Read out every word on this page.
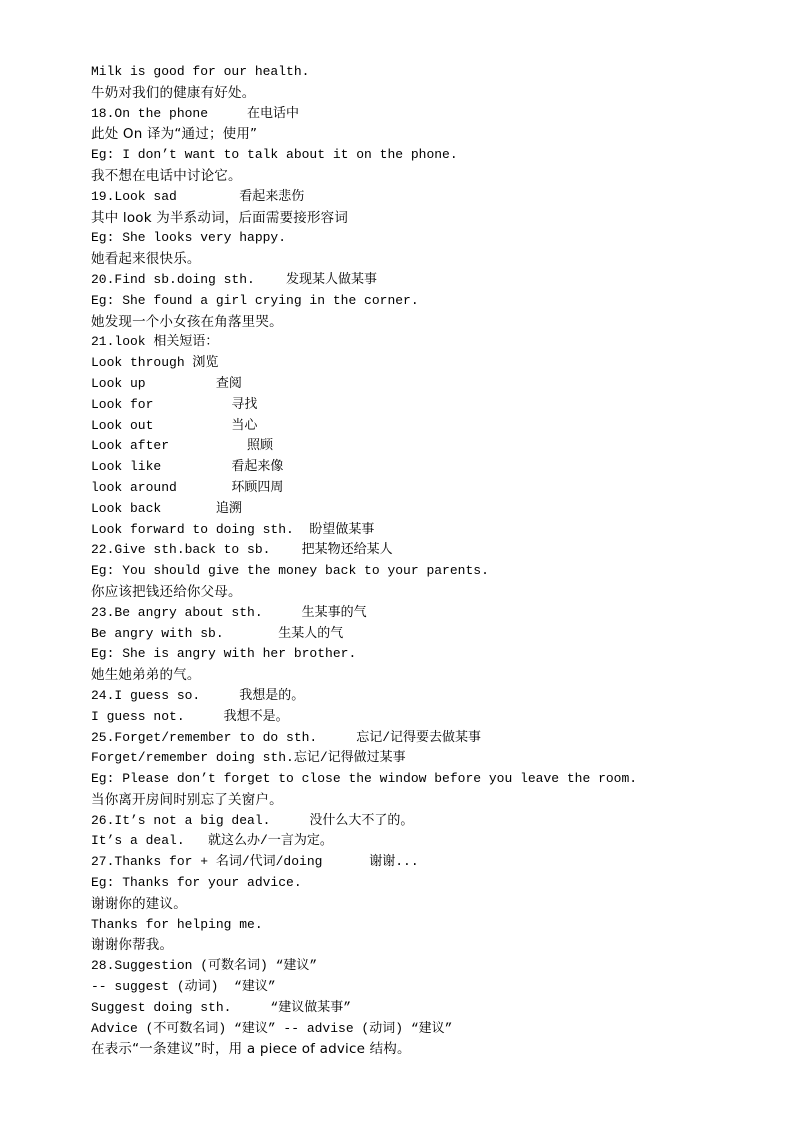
Milk is good for our health.
牛奶对我们的健康有好处。
18.On the phone     在电话中
此处 On 译为“通过；使用”
Eg: I don’t want to talk about it on the phone.
我不想在电话中讨论它。
19.Look sad        看起来悲伤
其中 look 为半系动词，后面需要接形容词
Eg: She looks very happy.
她看起来很快乐。
20.Find sb.doing sth.    发现某人做某事
Eg: She found a girl crying in the corner.
她发现一个小女孩在角落里哭。
21.look 相关短语：
Look through 浏览
Look up         查阅
Look for          寻找
Look out          当心
Look after          照顾
Look like         看起来像
look around       环顾四周
Look back       追溯
Look forward to doing sth.  盼望做某事
22.Give sth.back to sb.    把某物还给某人
Eg: You should give the money back to your parents.
你应该把钱还给你父母。
23.Be angry about sth.     生某事的气
Be angry with sb.       生某人的气
Eg: She is angry with her brother.
她生她弟弟的气。
24.I guess so.     我想是的。
I guess not.     我想不是。
25.Forget/remember to do sth.     忘记/记得要去做某事
Forget/remember doing sth.忘记/记得做过某事
Eg: Please don’t forget to close the window before you leave the room.
当你离开房间时别忘了关窗户。
26.It’s not a big deal.     没什么大不了的。
It’s a deal.   就这么办/一言为定。
27.Thanks for + 名词/代词/doing      谢谢...
Eg: Thanks for your advice.
谢谢你的建议。
Thanks for helping me.
谢谢你帮我。
28.Suggestion (可数名词) “建议”
-- suggest (动词)  “建议”
Suggest doing sth.     “建议做某事”
Advice (不可数名词) “建议” -- advise (动词) “建议”
在表示“一条建议”时，用 a piece of advice 结构。
